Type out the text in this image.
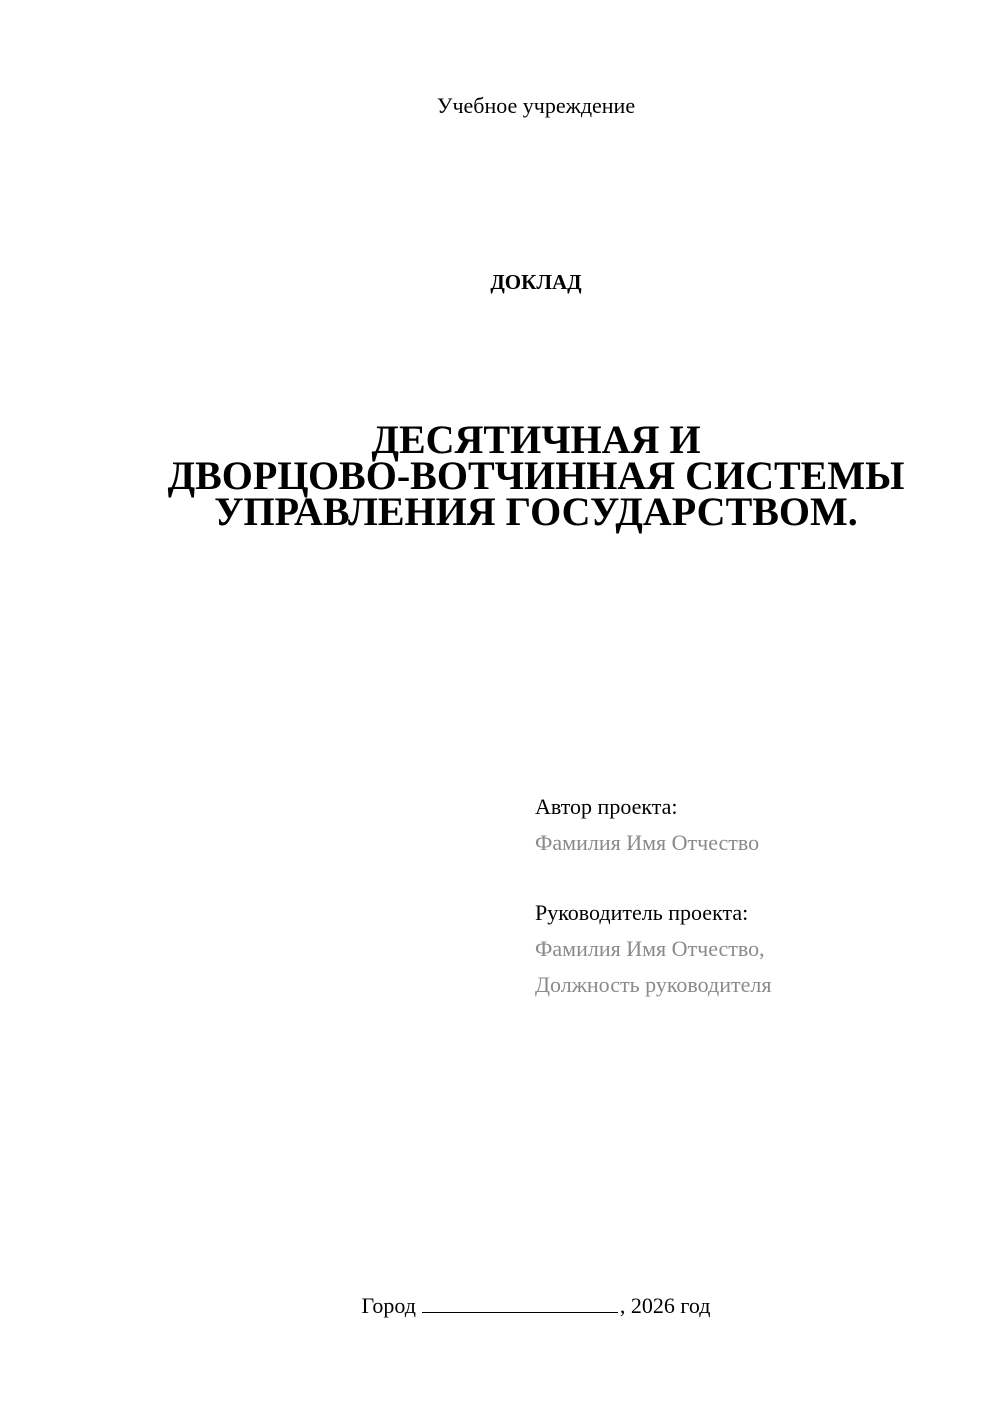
Учебное учреждение
ДОКЛАД
ДЕСЯТИЧНАЯ И
ДВОРЦОВО-ВОТЧИННАЯ СИСТЕМЫ
УПРАВЛЕНИЯ ГОСУДАРСТВОМ.
Автор проекта:
Фамилия Имя Отчество
Руководитель проекта:
Фамилия Имя Отчество,
Должность руководителя
Город	, 2026 год
